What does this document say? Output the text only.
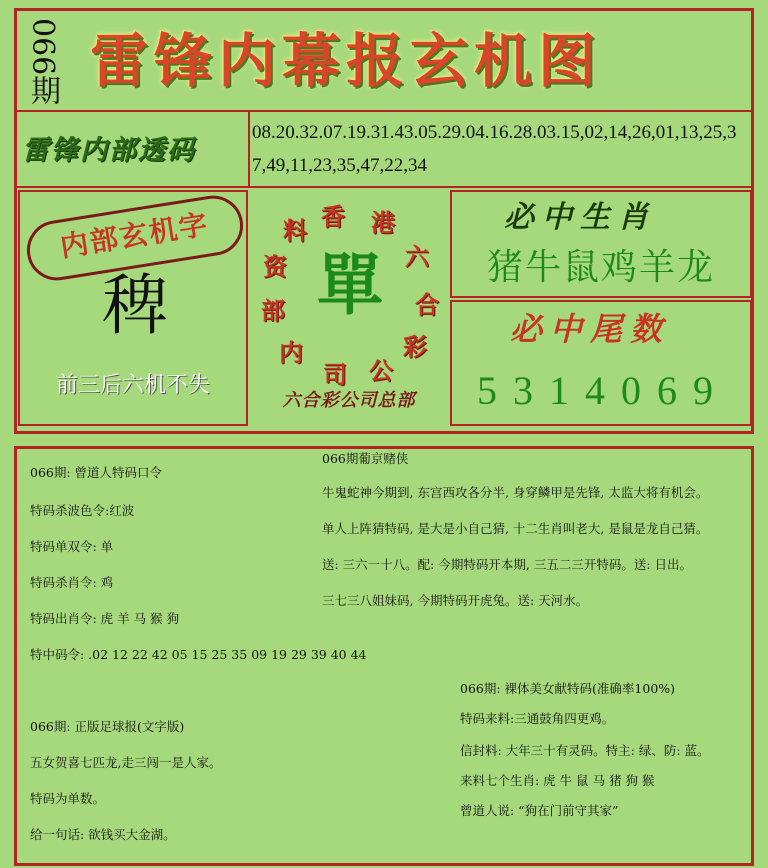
066期 雷锋内幕报玄机图
雷锋内部透码
08.20.32.07.19.31.43.05.29.04.16.28.03.15,02,14,26,01,13,25,37,49,11,23,35,47,22,34
内部玄机字
稗
前三后六机不失
香 港
六
合
彩
公
司
内
部
资
料
單
六合彩公司总部
必中生肖
猪牛鼠鸡羊龙
必中尾数
5314069
066期: 曾道人特码口令
特码杀波色令:红波
特码单双令: 单
特码杀肖令: 鸡
特码出肖令: 虎 羊 马 猴 狗
特中码令: .02 12 22 42 05 15 25 35 09 19 29 39 40 44
066期: 正版足球报(文字版)
五女贺喜七匹龙,走三闯一是人家。
特码为单数。
给一句话: 欲钱买大金湖。
066期葡京赌侠
牛鬼蛇神今期到, 东宫西攻各分半, 身穿鳞甲是先锋, 太监大将有机会。
单人上阵猜特码, 是大是小自己猜, 十二生肖叫老大, 是鼠是龙自己猜。
送: 三六一十八。配: 今期特码开本期, 三五二三开特码。送: 日出。
三七三八姐妹码, 今期特码开虎兔。送: 天河水。
066期: 裸体美女献特码(准确率100%)
特码来料:三通鼓角四更鸡。
信封料: 大年三十有灵码。特主: 绿、防: 蓝。
来料七个生肖: 虎 牛 鼠 马 猪 狗 猴
曾道人说: “狗在门前守其家”
